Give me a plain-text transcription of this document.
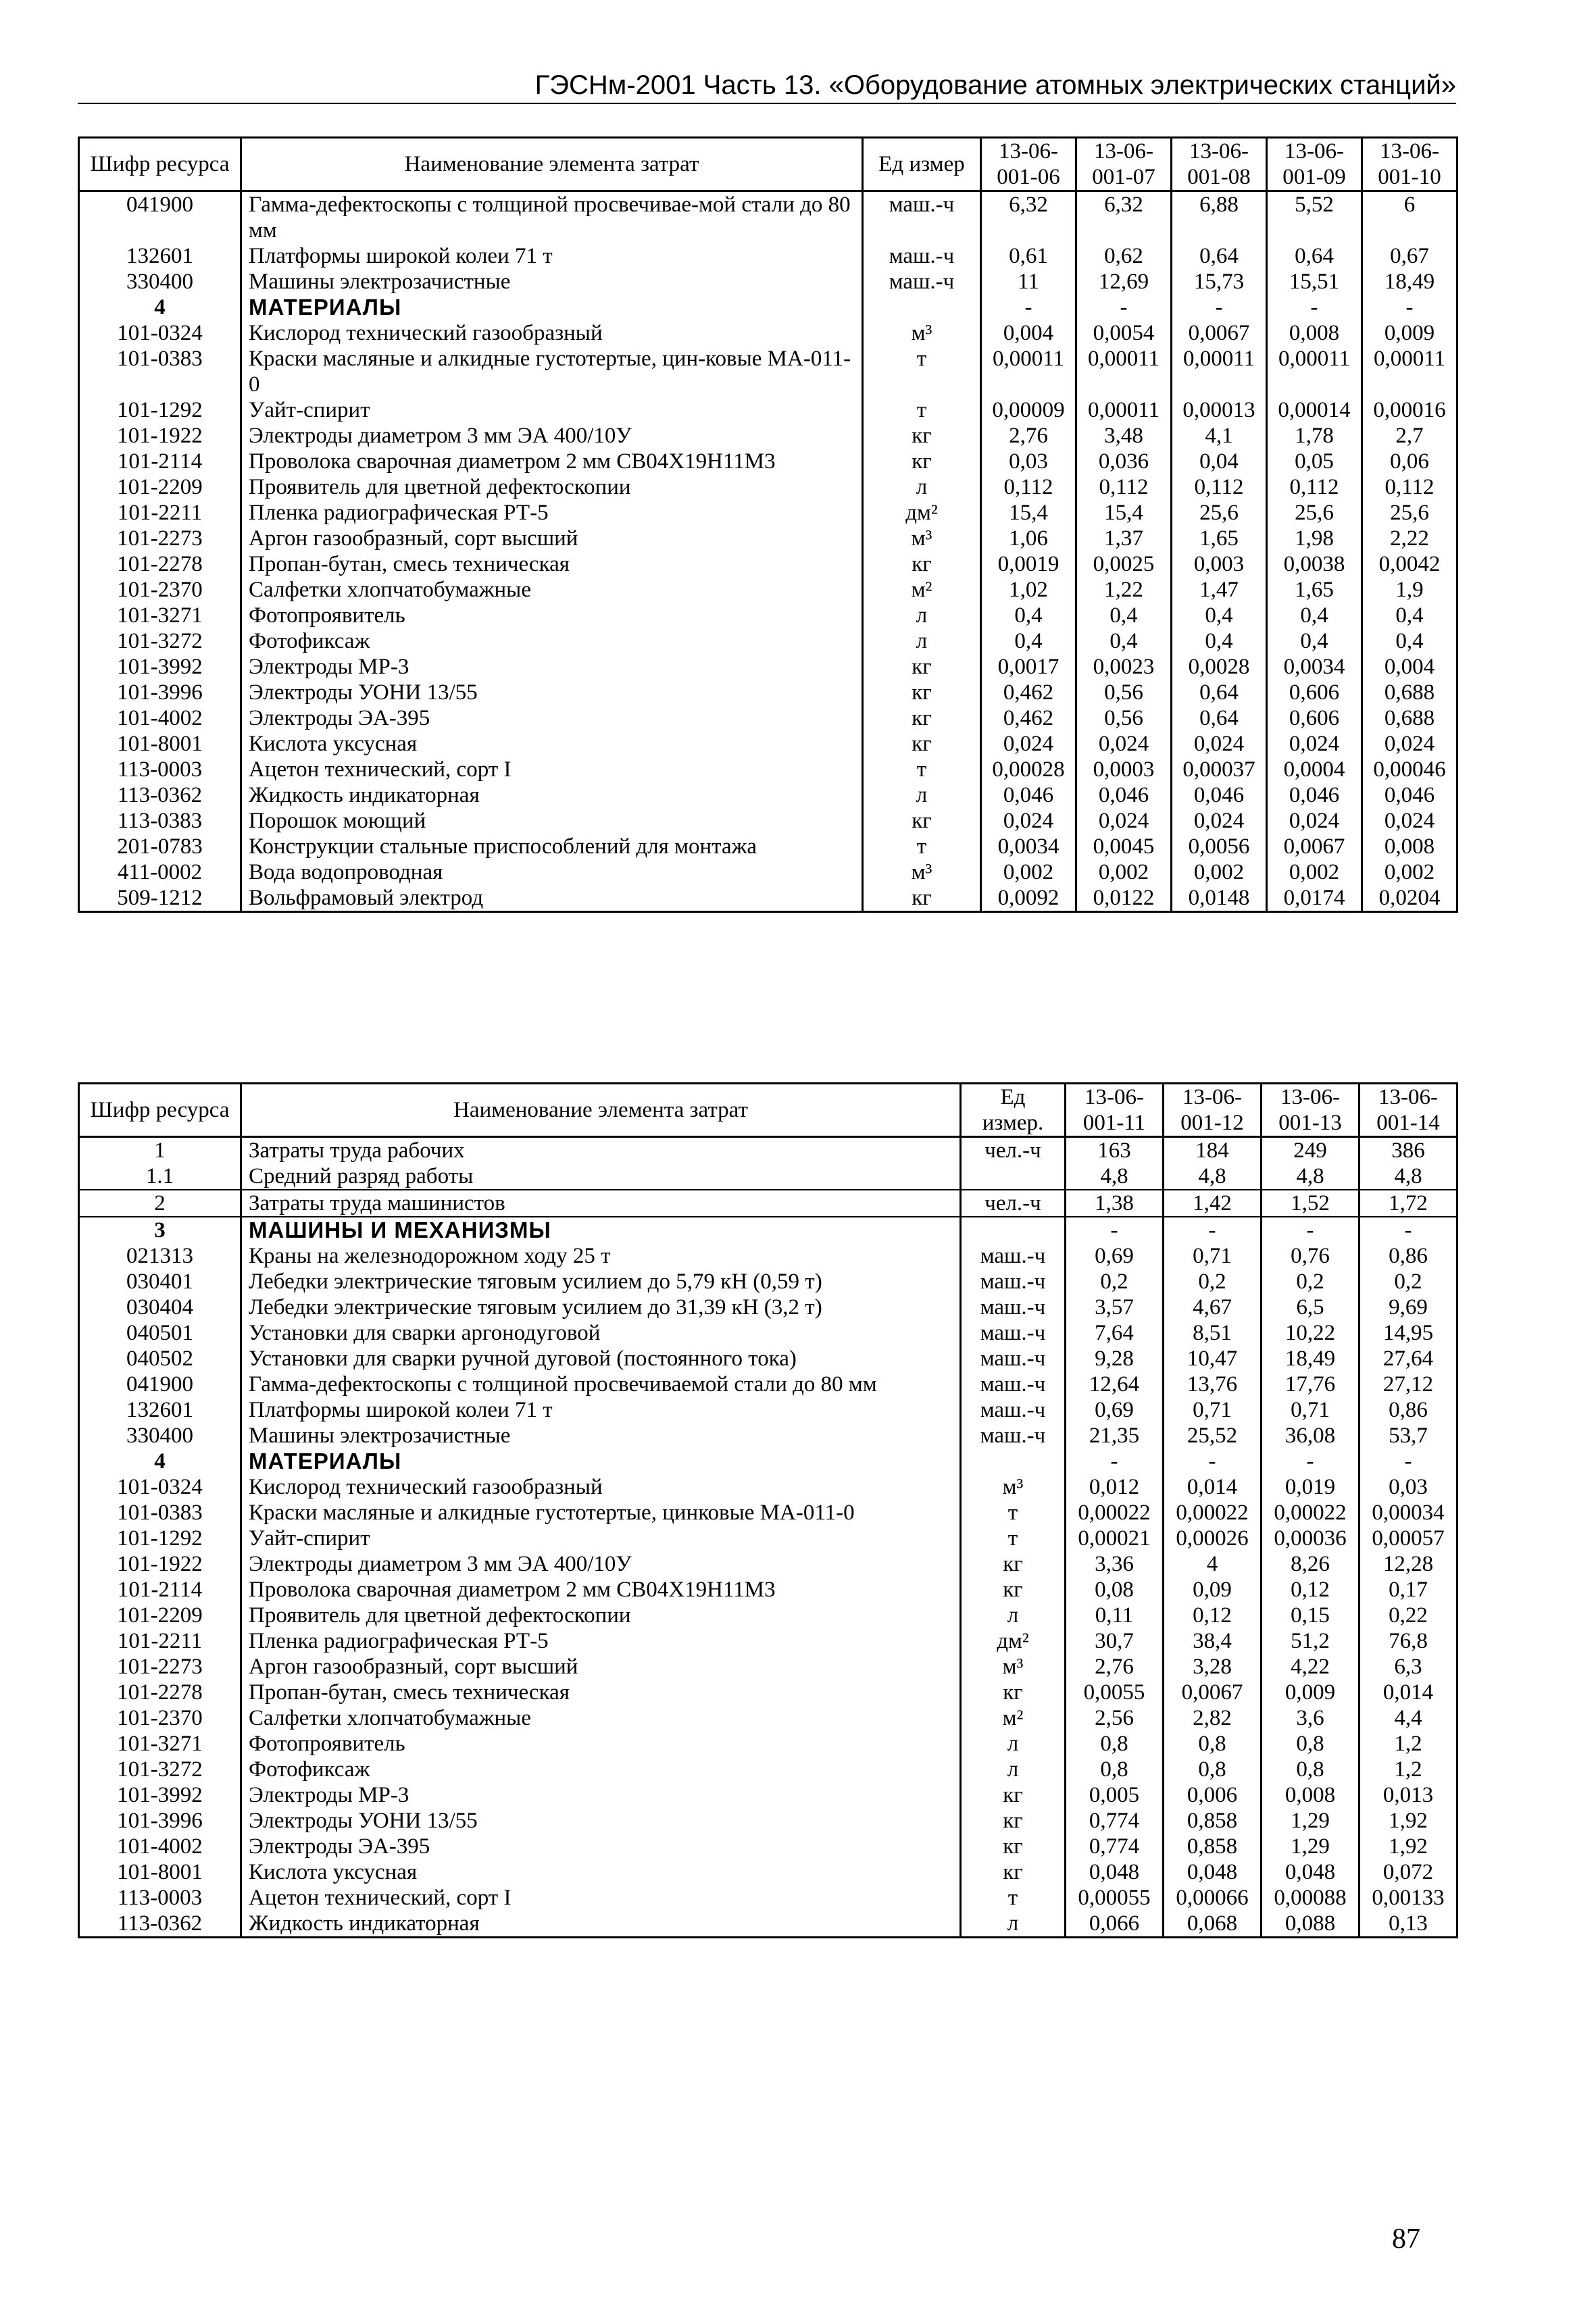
ГЭСНм-2001 Часть 13. «Оборудование атомных электрических станций»
Шифр ресурса	Наименование элемента затрат	Ед измер	13-06-001-06	13-06-001-07	13-06-001-08	13-06-001-09	13-06-001-10
041900	Гамма-дефектоскопы с толщиной просвечивае-мой стали до 80 мм	маш.-ч	6,32	6,32	6,88	5,52	6
132601	Платформы широкой колеи 71 т	маш.-ч	0,61	0,62	0,64	0,64	0,67
330400	Машины электрозачистные	маш.-ч	11	12,69	15,73	15,51	18,49
4	МАТЕРИАЛЫ		-	-	-	-	-
101-0324	Кислород технический газообразный	м³	0,004	0,0054	0,0067	0,008	0,009
101-0383	Краски масляные и алкидные густотертые, цин-ковые МА-011-0	т	0,00011	0,00011	0,00011	0,00011	0,00011
101-1292	Уайт-спирит	т	0,00009	0,00011	0,00013	0,00014	0,00016
101-1922	Электроды диаметром 3 мм ЭА 400/10У	кг	2,76	3,48	4,1	1,78	2,7
101-2114	Проволока сварочная диаметром 2 мм СВ04Х19Н11М3	кг	0,03	0,036	0,04	0,05	0,06
101-2209	Проявитель для цветной дефектоскопии	л	0,112	0,112	0,112	0,112	0,112
101-2211	Пленка радиографическая РТ-5	дм²	15,4	15,4	25,6	25,6	25,6
101-2273	Аргон газообразный, сорт высший	м³	1,06	1,37	1,65	1,98	2,22
101-2278	Пропан-бутан, смесь техническая	кг	0,0019	0,0025	0,003	0,0038	0,0042
101-2370	Салфетки хлопчатобумажные	м²	1,02	1,22	1,47	1,65	1,9
101-3271	Фотопроявитель	л	0,4	0,4	0,4	0,4	0,4
101-3272	Фотофиксаж	л	0,4	0,4	0,4	0,4	0,4
101-3992	Электроды МР-3	кг	0,0017	0,0023	0,0028	0,0034	0,004
101-3996	Электроды УОНИ 13/55	кг	0,462	0,56	0,64	0,606	0,688
101-4002	Электроды ЭА-395	кг	0,462	0,56	0,64	0,606	0,688
101-8001	Кислота уксусная	кг	0,024	0,024	0,024	0,024	0,024
113-0003	Ацетон технический, сорт I	т	0,00028	0,0003	0,00037	0,0004	0,00046
113-0362	Жидкость индикаторная	л	0,046	0,046	0,046	0,046	0,046
113-0383	Порошок моющий	кг	0,024	0,024	0,024	0,024	0,024
201-0783	Конструкции стальные приспособлений для монтажа	т	0,0034	0,0045	0,0056	0,0067	0,008
411-0002	Вода водопроводная	м³	0,002	0,002	0,002	0,002	0,002
509-1212	Вольфрамовый электрод	кг	0,0092	0,0122	0,0148	0,0174	0,0204
Шифр ресурса	Наименование элемента затрат	Ед измер.	13-06-001-11	13-06-001-12	13-06-001-13	13-06-001-14
1	Затраты труда рабочих	чел.-ч	163	184	249	386
1.1	Средний разряд работы		4,8	4,8	4,8	4,8
2	Затраты труда машинистов	чел.-ч	1,38	1,42	1,52	1,72
3	МАШИНЫ И МЕХАНИЗМЫ		-	-	-	-
021313	Краны на железнодорожном ходу 25 т	маш.-ч	0,69	0,71	0,76	0,86
030401	Лебедки электрические тяговым усилием до 5,79 кН (0,59 т)	маш.-ч	0,2	0,2	0,2	0,2
030404	Лебедки электрические тяговым усилием до 31,39 кН (3,2 т)	маш.-ч	3,57	4,67	6,5	9,69
040501	Установки для сварки аргонодуговой	маш.-ч	7,64	8,51	10,22	14,95
040502	Установки для сварки ручной дуговой (постоянного тока)	маш.-ч	9,28	10,47	18,49	27,64
041900	Гамма-дефектоскопы с толщиной просвечиваемой стали до 80 мм	маш.-ч	12,64	13,76	17,76	27,12
132601	Платформы широкой колеи 71 т	маш.-ч	0,69	0,71	0,71	0,86
330400	Машины электрозачистные	маш.-ч	21,35	25,52	36,08	53,7
4	МАТЕРИАЛЫ		-	-	-	-
101-0324	Кислород технический газообразный	м³	0,012	0,014	0,019	0,03
101-0383	Краски масляные и алкидные густотертые, цинковые МА-011-0	т	0,00022	0,00022	0,00022	0,00034
101-1292	Уайт-спирит	т	0,00021	0,00026	0,00036	0,00057
101-1922	Электроды диаметром 3 мм ЭА 400/10У	кг	3,36	4	8,26	12,28
101-2114	Проволока сварочная диаметром 2 мм СВ04Х19Н11М3	кг	0,08	0,09	0,12	0,17
101-2209	Проявитель для цветной дефектоскопии	л	0,11	0,12	0,15	0,22
101-2211	Пленка радиографическая РТ-5	дм²	30,7	38,4	51,2	76,8
101-2273	Аргон газообразный, сорт высший	м³	2,76	3,28	4,22	6,3
101-2278	Пропан-бутан, смесь техническая	кг	0,0055	0,0067	0,009	0,014
101-2370	Салфетки хлопчатобумажные	м²	2,56	2,82	3,6	4,4
101-3271	Фотопроявитель	л	0,8	0,8	0,8	1,2
101-3272	Фотофиксаж	л	0,8	0,8	0,8	1,2
101-3992	Электроды МР-3	кг	0,005	0,006	0,008	0,013
101-3996	Электроды УОНИ 13/55	кг	0,774	0,858	1,29	1,92
101-4002	Электроды ЭА-395	кг	0,774	0,858	1,29	1,92
101-8001	Кислота уксусная	кг	0,048	0,048	0,048	0,072
113-0003	Ацетон технический, сорт I	т	0,00055	0,00066	0,00088	0,00133
113-0362	Жидкость индикаторная	л	0,066	0,068	0,088	0,13
87
